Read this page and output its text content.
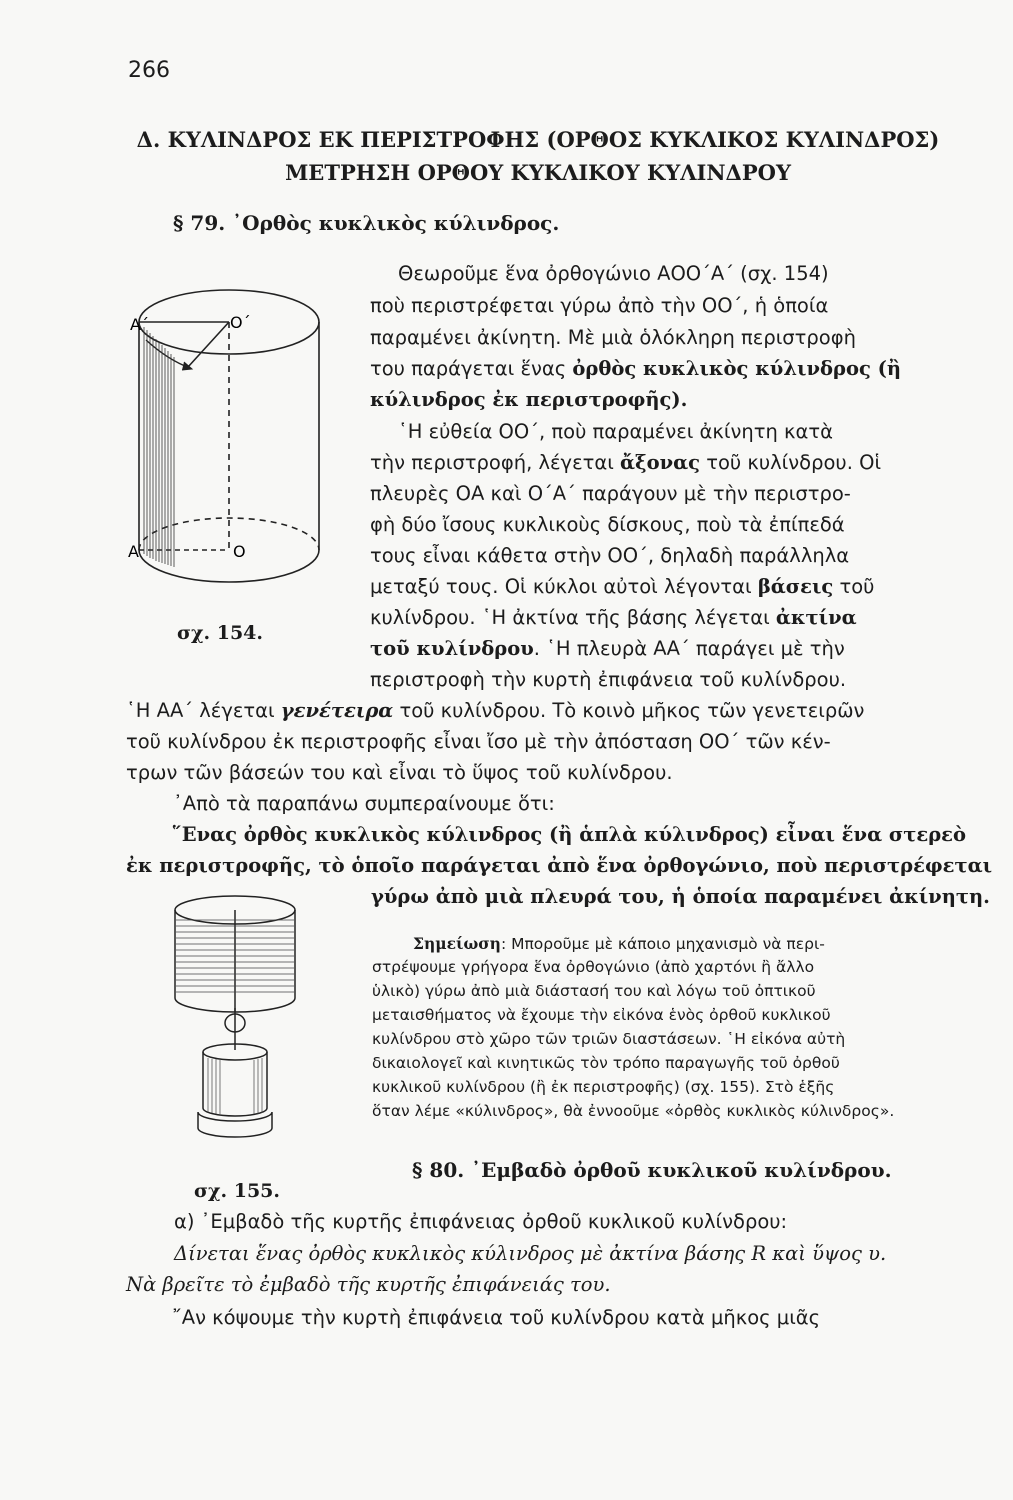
266
Δ. ΚΥΛΙΝΔΡΟΣ ΕΚ ΠΕΡΙΣΤΡΟΦΗΣ (ΟΡΘΟΣ ΚΥΚΛΙΚΟΣ ΚΥΛΙΝΔΡΟΣ)
ΜΕΤΡΗΣΗ ΟΡΘΟΥ ΚΥΚΛΙΚΟΥ ΚΥΛΙΝΔΡΟΥ
§ 79. ᾿Ορθὸς κυκλικὸς κύλινδρος.
A΄	O΄
A	O
σχ. 154.
Θεωροῦμε ἕνα ὀρθογώνιο ΑΟΟ΄Α΄ (σχ. 154)
ποὺ περιστρέφεται γύρω ἀπὸ τὴν ΟΟ΄, ἡ ὁποία
παραμένει ἀκίνητη. Μὲ μιὰ ὁλόκληρη περιστροφὴ
του παράγεται ἕνας ὀρθὸς κυκλικὸς κύλινδρος (ἢ
κύλινδρος ἐκ περιστροφῆς).
῾Η εὐθεία ΟΟ΄, ποὺ παραμένει ἀκίνητη κατὰ
τὴν περιστροφή, λέγεται ἄξονας τοῦ κυλίνδρου. Οἱ
πλευρὲς ΟΑ καὶ Ο΄Α΄ παράγουν μὲ τὴν περιστρο-
φὴ δύο ἴσους κυκλικοὺς δίσκους, ποὺ τὰ ἐπίπεδά
τους εἶναι κάθετα στὴν ΟΟ΄, δηλαδὴ παράλληλα
μεταξύ τους. Οἱ κύκλοι αὐτοὶ λέγονται βάσεις τοῦ
κυλίνδρου. ῾Η ἀκτίνα τῆς βάσης λέγεται ἀκτίνα
τοῦ κυλίνδρου. ῾Η πλευρὰ ΑΑ΄ παράγει μὲ τὴν
περιστροφὴ τὴν κυρτὴ ἐπιφάνεια τοῦ κυλίνδρου.
῾Η ΑΑ΄ λέγεται γενέτειρα τοῦ κυλίνδρου. Τὸ κοινὸ μῆκος τῶν γενετειρῶν
τοῦ κυλίνδρου ἐκ περιστροφῆς εἶναι ἴσο μὲ τὴν ἀπόσταση ΟΟ΄ τῶν κέν-
τρων τῶν βάσεών του καὶ εἶναι τὸ ὕψος τοῦ κυλίνδρου.
᾿Απὸ τὰ παραπάνω συμπεραίνουμε ὅτι:
῞Ενας ὀρθὸς κυκλικὸς κύλινδρος (ἢ ἁπλὰ κύλινδρος) εἶναι ἕνα στερεὸ
ἐκ περιστροφῆς, τὸ ὁποῖο παράγεται ἀπὸ ἕνα ὀρθογώνιο, ποὺ περιστρέφεται
γύρω ἀπὸ μιὰ πλευρά του, ἡ ὁποία παραμένει ἀκίνητη.
σχ. 155.
Σημείωση: Μποροῦμε μὲ κάποιο μηχανισμὸ νὰ περι-
στρέψουμε γρήγορα ἕνα ὀρθογώνιο (ἀπὸ χαρτόνι ἢ ἄλλο
ὑλικὸ) γύρω ἀπὸ μιὰ διάστασή του καὶ λόγω τοῦ ὀπτικοῦ
μεταισθήματος νὰ ἔχουμε τὴν εἰκόνα ἑνὸς ὀρθοῦ κυκλικοῦ
κυλίνδρου στὸ χῶρο τῶν τριῶν διαστάσεων. ῾Η εἰκόνα αὐτὴ
δικαιολογεῖ καὶ κινητικῶς τὸν τρόπο παραγωγῆς τοῦ ὀρθοῦ
κυκλικοῦ κυλίνδρου (ἢ ἐκ περιστροφῆς) (σχ. 155). Στὸ ἑξῆς
ὅταν λέμε «κύλινδρος», θὰ ἐννοοῦμε «ὀρθὸς κυκλικὸς κύλινδρος».
§ 80. ᾿Εμβαδὸ ὀρθοῦ κυκλικοῦ κυλίνδρου.
α) ᾿Εμβαδὸ τῆς κυρτῆς ἐπιφάνειας ὀρθοῦ κυκλικοῦ κυλίνδρου:
Δίνεται ἕνας ὀρθὸς κυκλικὸς κύλινδρος μὲ ἀκτίνα βάσης R καὶ ὕψος υ.
Νὰ βρεῖτε τὸ ἐμβαδὸ τῆς κυρτῆς ἐπιφάνειάς του.
῎Αν κόψουμε τὴν κυρτὴ ἐπιφάνεια τοῦ κυλίνδρου κατὰ μῆκος μιᾶς
